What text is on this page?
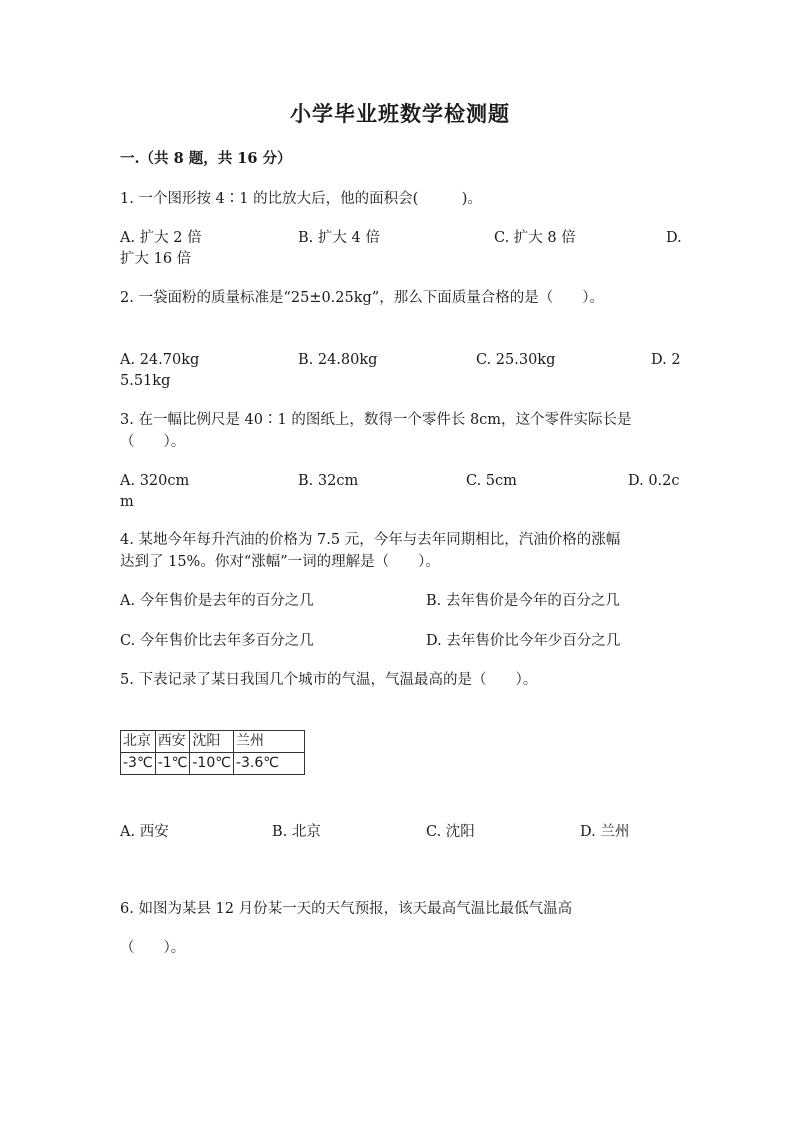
小学毕业班数学检测题
一.（共 8 题，共 16 分）
1. 一个图形按 4∶1 的比放大后，他的面积会(　　　)。
A. 扩大 2 倍	B. 扩大 4 倍	C. 扩大 8 倍	D.
扩大 16 倍
2. 一袋面粉的质量标准是“25±0.25kg”，那么下面质量合格的是（　　）。
A. 24.70kg	B. 24.80kg	C. 25.30kg	D. 2
5.51kg
3. 在一幅比例尺是 40∶1 的图纸上，数得一个零件长 8cm，这个零件实际长是
（　　）。
A. 320cm	B. 32cm	C. 5cm	D. 0.2c
m
4. 某地今年每升汽油的价格为 7.5 元，今年与去年同期相比，汽油价格的涨幅
达到了 15%。你对“涨幅”一词的理解是（　　）。
A. 今年售价是去年的百分之几	B. 去年售价是今年的百分之几
C. 今年售价比去年多百分之几	D. 去年售价比今年少百分之几
5. 下表记录了某日我国几个城市的气温，气温最高的是（　　）。
北京	西安	沈阳	兰州
-3℃	-1℃	-10℃	-3.6℃
A. 西安	B. 北京	C. 沈阳	D. 兰州
6. 如图为某县 12 月份某一天的天气预报，该天最高气温比最低气温高
（　　）。
